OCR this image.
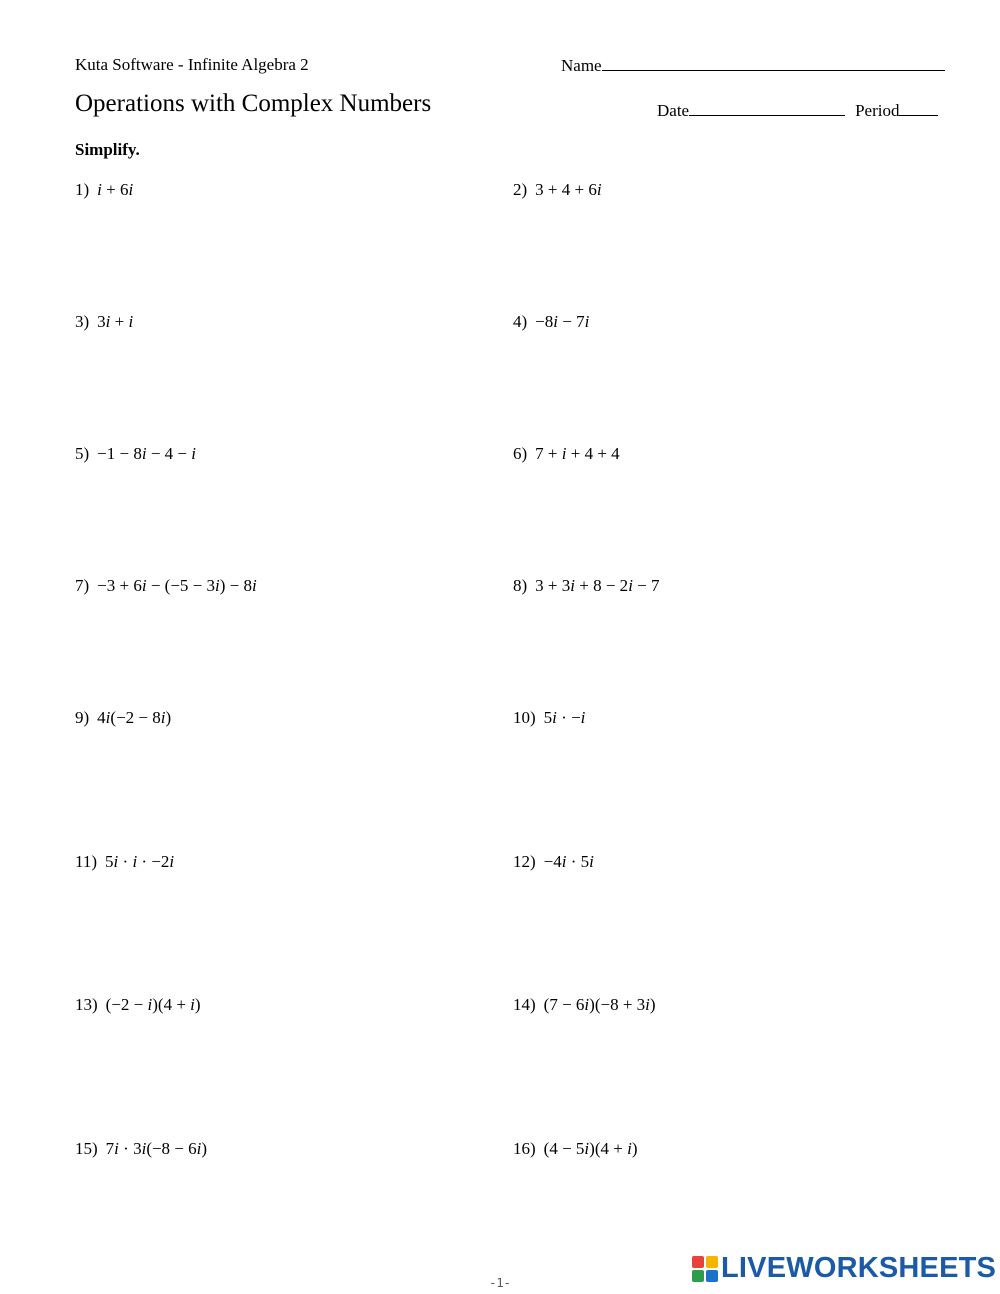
Kuta Software - Infinite Algebra 2	Name
Operations with Complex Numbers	Date	Period
Simplify.
1) i + 6i	2) 3 + 4 + 6i
3) 3i + i	4) −8i − 7i
5) −1 − 8i − 4 − i	6) 7 + i + 4 + 4
7) −3 + 6i − (−5 − 3i) − 8i	8) 3 + 3i + 8 − 2i − 7
9) 4i(−2 − 8i)	10) 5i · −i
11) 5i · i · −2i	12) −4i · 5i
13) (−2 − i)(4 + i)	14) (7 − 6i)(−8 + 3i)
15) 7i · 3i(−8 − 6i)	16) (4 − 5i)(4 + i)
-1-	LIVEWORKSHEETS
